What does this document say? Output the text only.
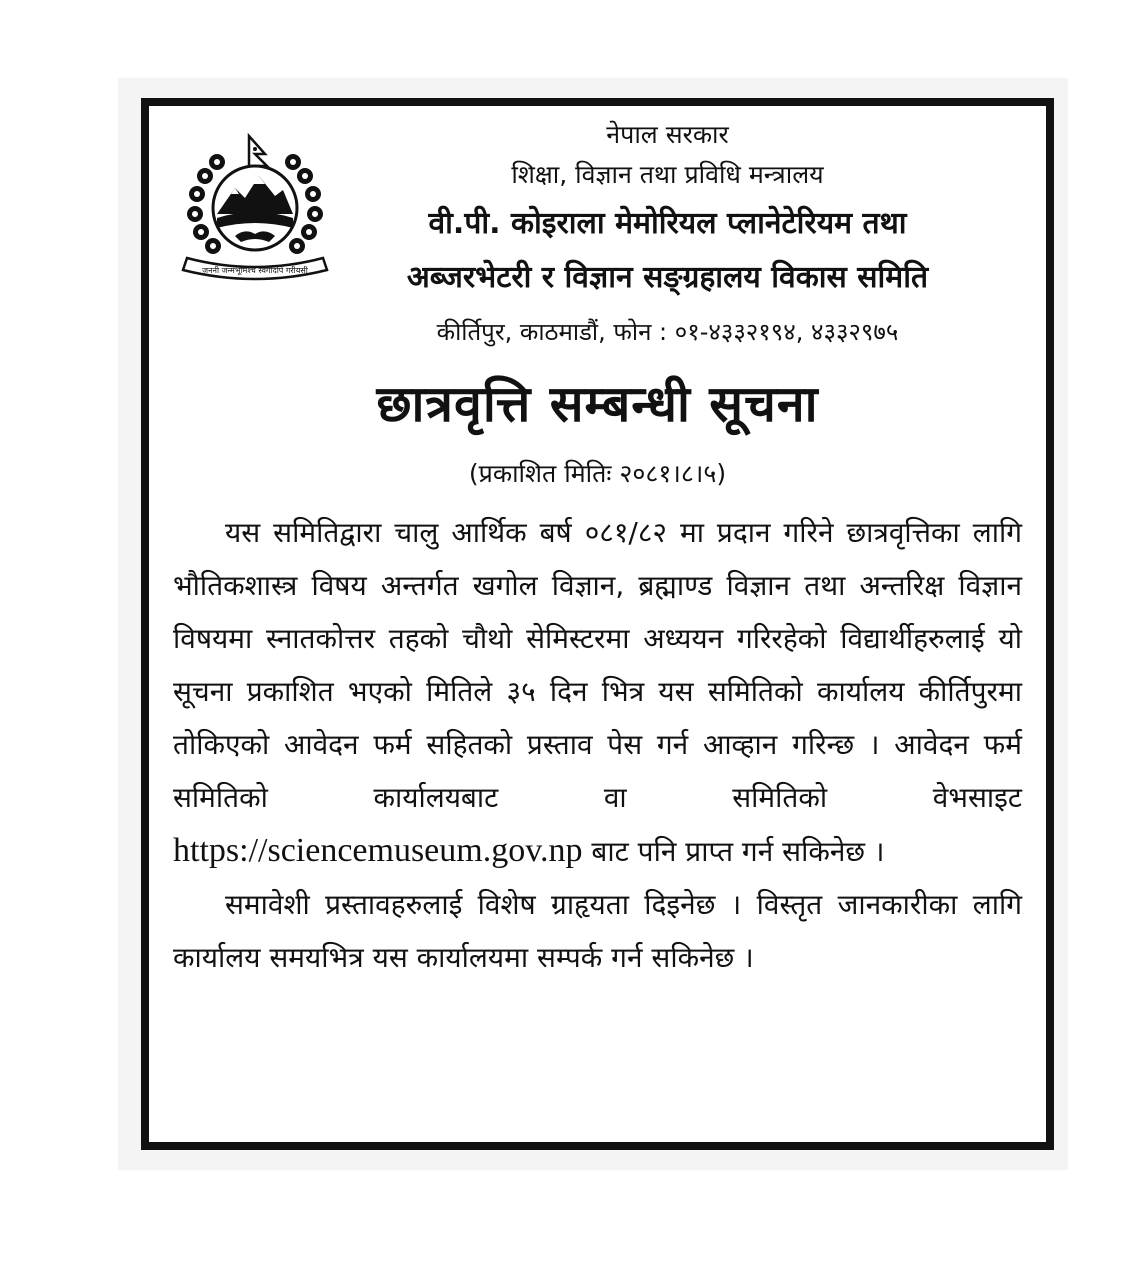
जननी जन्मभूमिश्च स्वर्गादपि गरीयसी
नेपाल सरकार
शिक्षा, विज्ञान तथा प्रविधि मन्त्रालय
वी.पी. कोइराला मेमोरियल प्लानेटेरियम तथा
अब्जरभेटरी र विज्ञान सङ्ग्रहालय विकास समिति
कीर्तिपुर, काठमाडौं, फोन : ०१-४३३२१९४, ४३३२९७५
छात्रवृत्ति सम्बन्धी सूचना
(प्रकाशित मितिः २०८१।८।५)

यस समितिद्वारा चालु आर्थिक बर्ष ०८१/८२ मा प्रदान गरिने छात्रवृत्तिका लागि भौतिकशास्त्र विषय अन्तर्गत खगोल विज्ञान, ब्रह्माण्ड विज्ञान तथा अन्तरिक्ष विज्ञान विषयमा स्नातकोत्तर तहको चौथो सेमिस्टरमा अध्ययन गरिरहेको विद्यार्थीहरुलाई यो सूचना प्रकाशित भएको मितिले ३५ दिन भित्र यस समितिको कार्यालय कीर्तिपुरमा तोकिएको आवेदन फर्म सहितको प्रस्ताव पेस गर्न आव्हान गरिन्छ । आवेदन फर्म समितिको कार्यालयबाट वा समितिको वेभसाइट https://sciencemuseum.gov.np बाट पनि प्राप्त गर्न सकिनेछ ।

समावेशी प्रस्तावहरुलाई विशेष ग्राहृयता दिइनेछ । विस्तृत जानकारीका लागि कार्यालय समयभित्र यस कार्यालयमा सम्पर्क गर्न सकिनेछ ।
